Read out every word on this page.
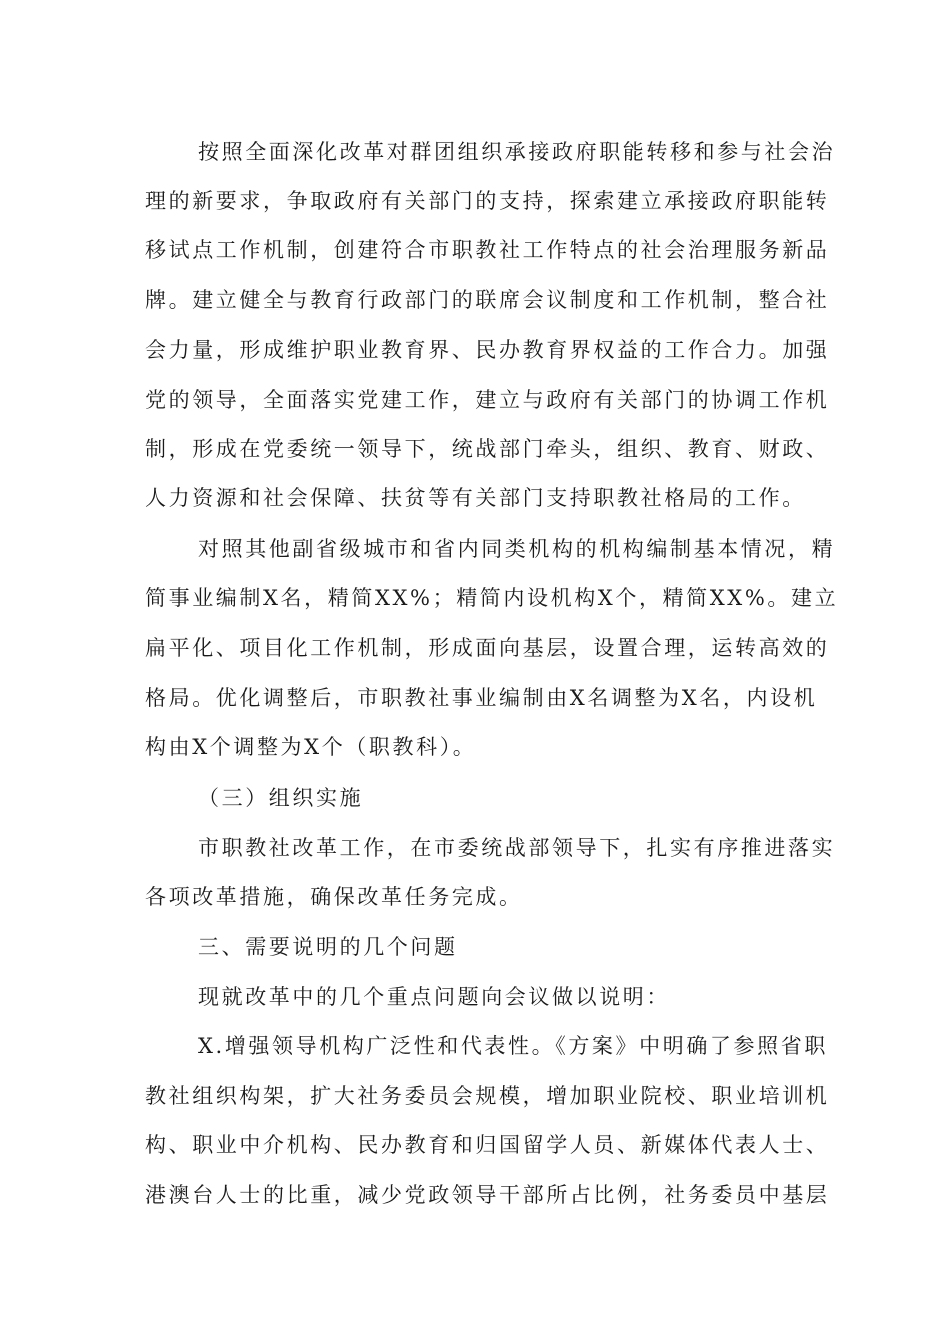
按照全面深化改革对群团组织承接政府职能转移和参与社会治

理的新要求，争取政府有关部门的支持，探索建立承接政府职能转

移试点工作机制，创建符合市职教社工作特点的社会治理服务新品

牌。建立健全与教育行政部门的联席会议制度和工作机制，整合社

会力量，形成维护职业教育界、民办教育界权益的工作合力。加强

党的领导，全面落实党建工作，建立与政府有关部门的协调工作机

制，形成在党委统一领导下，统战部门牵头，组织、教育、财政、

人力资源和社会保障、扶贫等有关部门支持职教社格局的工作。

对照其他副省级城市和省内同类机构的机构编制基本情况，精

简事业编制X名，精简XX%；精简内设机构X个，精简XX%。建立

扁平化、项目化工作机制，形成面向基层，设置合理，运转高效的

格局。优化调整后，市职教社事业编制由X名调整为X名，内设机

构由X个调整为X个（职教科）。

（三）组织实施

市职教社改革工作，在市委统战部领导下，扎实有序推进落实

各项改革措施，确保改革任务完成。

三、需要说明的几个问题

现就改革中的几个重点问题向会议做以说明：

X.增强领导机构广泛性和代表性。《方案》中明确了参照省职

教社组织构架，扩大社务委员会规模，增加职业院校、职业培训机

构、职业中介机构、民办教育和归国留学人员、新媒体代表人士、

港澳台人士的比重，减少党政领导干部所占比例，社务委员中基层
